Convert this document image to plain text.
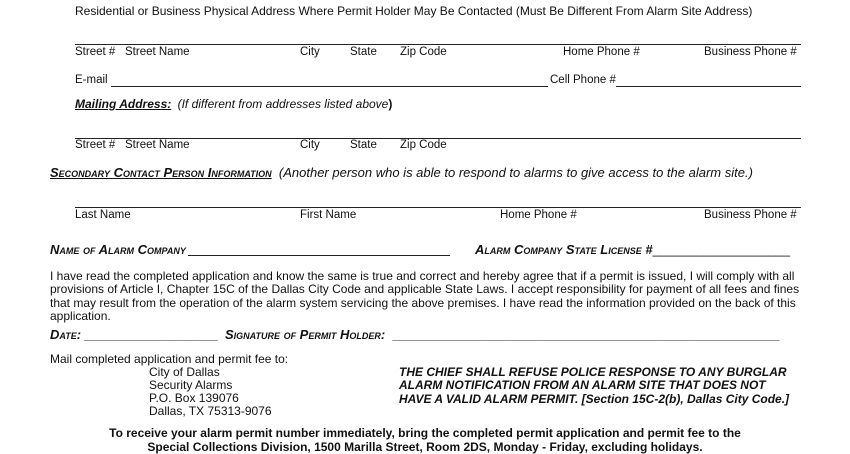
Residential or Business Physical Address Where Permit Holder May Be Contacted (Must Be Different From Alarm Site Address)
Street # Street Name	City	State Zip Code	Home Phone #	Business Phone #
E-mail	Cell Phone #
Mailing Address: (If different from addresses listed above)
Street # Street Name	City	State Zip Code
Secondary Contact Person Information (Another person who is able to respond to alarms to give access to the alarm site.)
Last Name	First Name	Home Phone #	Business Phone #
Name of Alarm Company	Alarm Company State License #___________________
I have read the completed application and know the same is true and correct and hereby agree that if a permit is issued, I will comply with all provisions of Article I, Chapter 15C of the Dallas City Code and applicable State Laws. I accept responsibility for payment of all fees and fines that may result from the operation of the alarm system servicing the above premises. I have read the information provided on the back of this application.
Date: ____________________ Signature of Permit Holder: __________________________________________________________
Mail completed application and permit fee to:
City of Dallas
Security Alarms
P.O. Box 139076
Dallas, TX 75313-9076
THE CHIEF SHALL REFUSE POLICE RESPONSE TO ANY BURGLAR ALARM NOTIFICATION FROM AN ALARM SITE THAT DOES NOT HAVE A VALID ALARM PERMIT. [Section 15C-2(b), Dallas City Code.]
To receive your alarm permit number immediately, bring the completed permit application and permit fee to the
Special Collections Division, 1500 Marilla Street, Room 2DS, Monday - Friday, excluding holidays.
